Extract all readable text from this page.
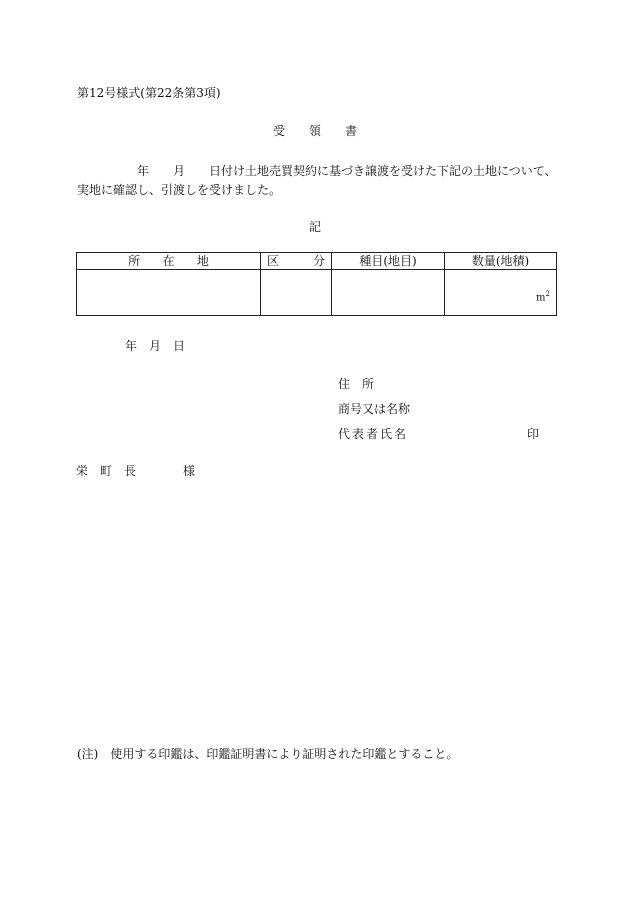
第12号様式(第22条第3項)
受　　領　　書
年　　月　　日付け土地売買契約に基づき譲渡を受けた下記の土地について、
実地に確認し、引渡しを受けました。
記
所 在 地	区 分	種目(地目)	数量(地積)

			$m^2$
年　月　日
住　所
商号又は名称
代表者氏名	印
栄　町　長	様
(注)　使用する印鑑は、印鑑証明書により証明された印鑑とすること。
